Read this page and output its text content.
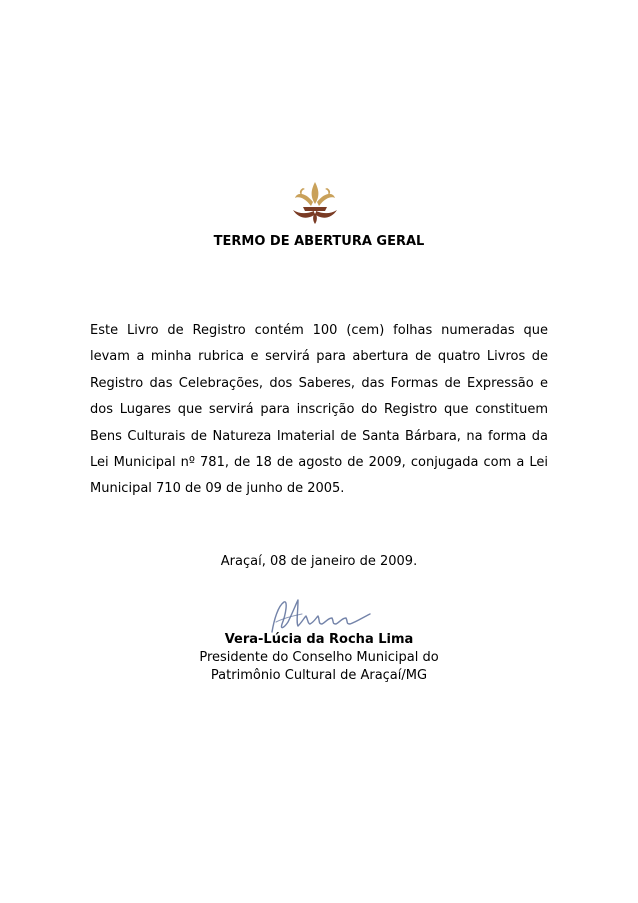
TERMO DE ABERTURA GERAL
Este Livro de Registro contém 100 (cem) folhas numeradas que levam a minha rubrica e servirá para abertura de quatro Livros de Registro das Celebrações, dos Saberes, das Formas de Expressão e dos Lugares que servirá para inscrição do Registro que constituem Bens Culturais de Natureza Imaterial de Santa Bárbara, na forma da Lei Municipal nº 781, de 18 de agosto de 2009, conjugada com a Lei Municipal 710 de 09 de junho de 2005.
Araçaí, 08 de janeiro de 2009.
Vera-Lúcia da Rocha Lima
Presidente do Conselho Municipal do
Patrimônio Cultural de Araçaí/MG
